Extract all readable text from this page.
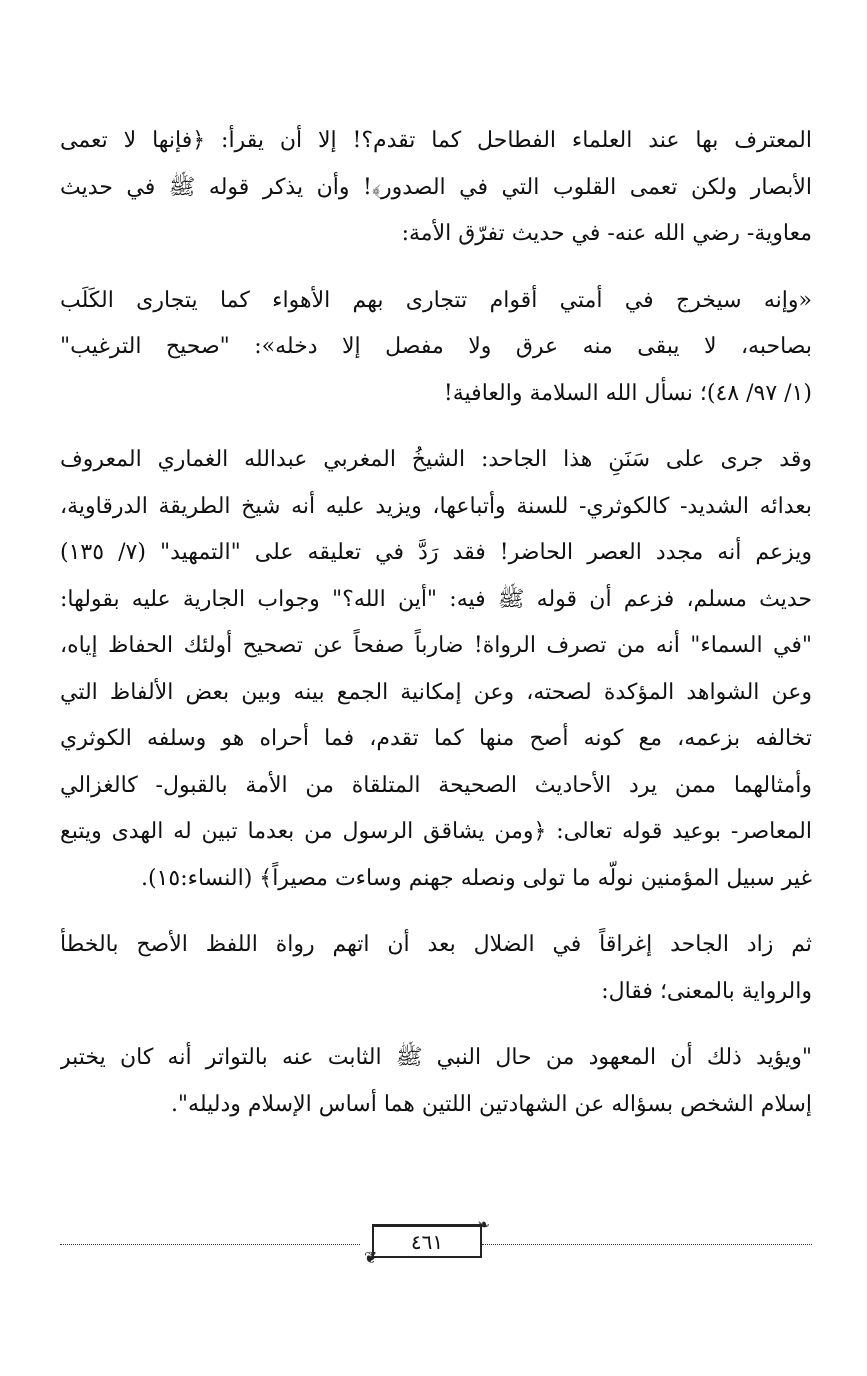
المعترف بها عند العلماء الفطاحل كما تقدم؟! إلا أن يقرأ: ﴿فإنها لا تعمى
الأبصار ولكن تعمى القلوب التي في الصدور﴾! وأن يذكر قوله ﷺ في حديث
معاوية- رضي الله عنه- في حديث تفرّق الأمة:
«وإنه سيخرج في أمتي أقوام تتجارى بهم الأهواء كما يتجارى الكَلَب
بصاحبه، لا يبقى منه عرق ولا مفصل إلا دخله»: "صحيح الترغيب"
(١/ ٩٧/ ٤٨)؛ نسأل الله السلامة والعافية!
وقد جرى على سَنَنِ هذا الجاحد: الشيخُ المغربي عبدالله الغماري المعروف
بعدائه الشديد- كالكوثري- للسنة وأتباعها، ويزيد عليه أنه شيخ الطريقة الدرقاوية،
ويزعم أنه مجدد العصر الحاضر! فقد رَدَّ في تعليقه على "التمهيد" (٧/ ١٣٥)
حديث مسلم، فزعم أن قوله ﷺ فيه: "أين الله؟" وجواب الجارية عليه بقولها:
"في السماء" أنه من تصرف الرواة! ضارباً صفحاً عن تصحيح أولئك الحفاظ إياه،
وعن الشواهد المؤكدة لصحته، وعن إمكانية الجمع بينه وبين بعض الألفاظ التي
تخالفه بزعمه، مع كونه أصح منها كما تقدم، فما أحراه هو وسلفه الكوثري
وأمثالهما ممن يرد الأحاديث الصحيحة المتلقاة من الأمة بالقبول- كالغزالي
المعاصر- بوعيد قوله تعالى: ﴿ومن يشاقق الرسول من بعدما تبين له الهدى ويتبع
غير سبيل المؤمنين نولّه ما تولى ونصله جهنم وساءت مصيراً﴾ (النساء:١٥).
ثم زاد الجاحد إغراقاً في الضلال بعد أن اتهم رواة اللفظ الأصح بالخطأ
والرواية بالمعنى؛ فقال:
"ويؤيد ذلك أن المعهود من حال النبي ﷺ الثابت عنه بالتواتر أنه كان يختبر
إسلام الشخص بسؤاله عن الشهادتين اللتين هما أساس الإسلام ودليله".
❧
٤٦١
❦
